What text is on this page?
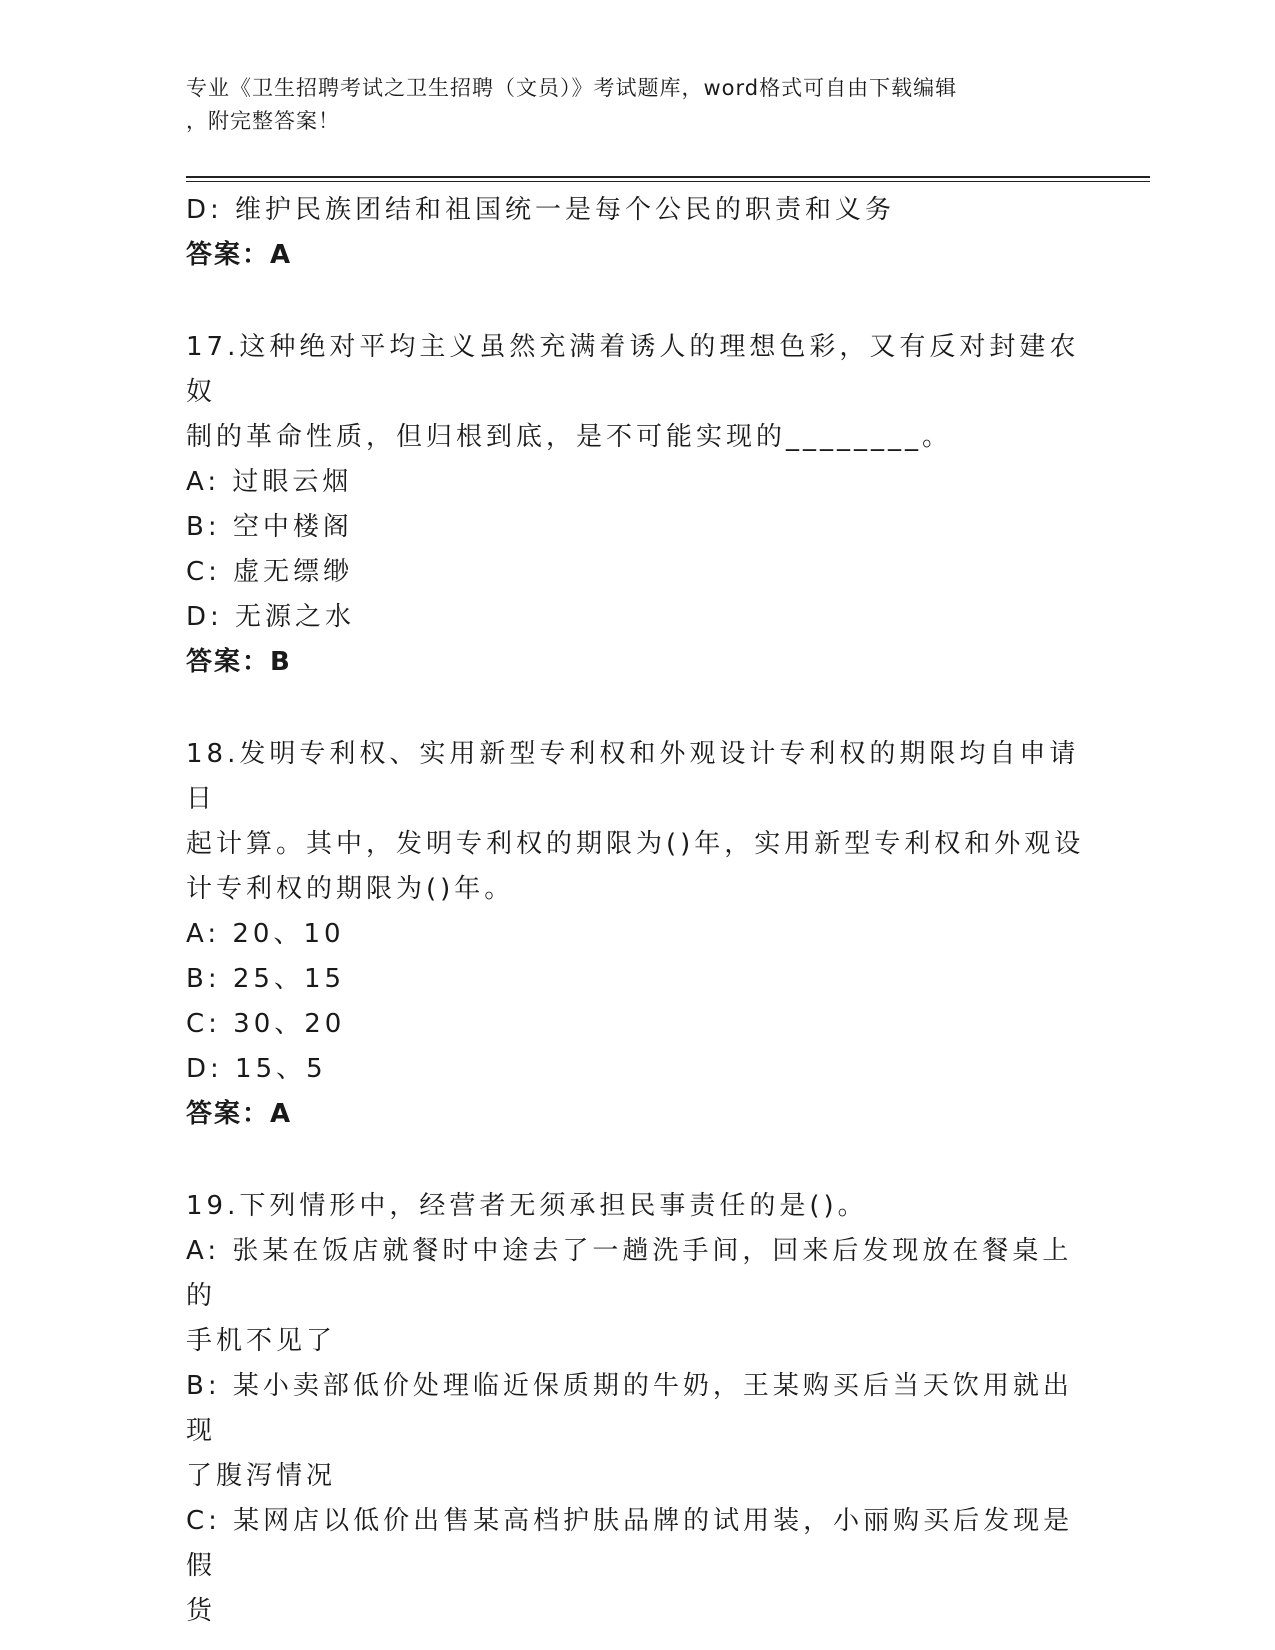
专业《卫生招聘考试之卫生招聘（文员）》考试题库，word格式可自由下载编辑
，附完整答案！

D: 维护民族团结和祖国统一是每个公民的职责和义务

答案：A

17.这种绝对平均主义虽然充满着诱人的理想色彩，又有反对封建农奴

制的革命性质，但归根到底，是不可能实现的________。

A: 过眼云烟

B: 空中楼阁

C: 虚无缥缈

D: 无源之水

答案：B

18.发明专利权、实用新型专利权和外观设计专利权的期限均自申请日

起计算。其中，发明专利权的期限为()年，实用新型专利权和外观设

计专利权的期限为()年。

A: 20、10

B: 25、15

C: 30、20

D: 15、5

答案：A

19.下列情形中，经营者无须承担民事责任的是()。

A: 张某在饭店就餐时中途去了一趟洗手间，回来后发现放在餐桌上的

手机不见了

B: 某小卖部低价处理临近保质期的牛奶，王某购买后当天饮用就出现

了腹泻情况

C: 某网店以低价出售某高档护肤品牌的试用装，小丽购买后发现是假

货
